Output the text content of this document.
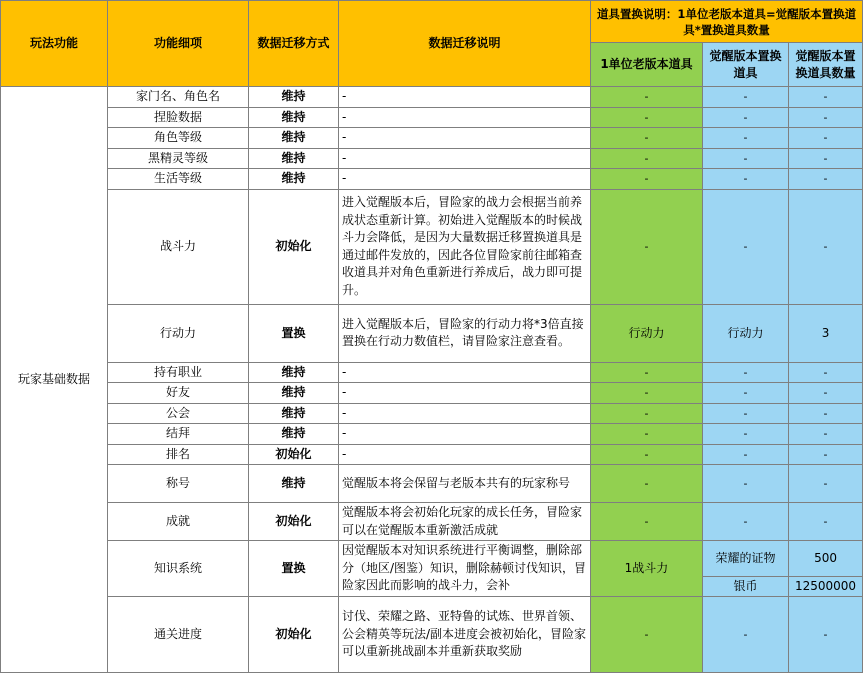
玩法功能	功能细项	数据迁移方式	数据迁移说明	道具置换说明：1单位老版本道具=觉醒版本置换道具*置换道具数量		
				1单位老版本道具	觉醒版本置换道具	觉醒版本置换道具数量
玩家基础数据	家门名、角色名	维持	-	-	-	-
	捏脸数据	维持	-	-	-	-
	角色等级	维持	-	-	-	-
	黑精灵等级	维持	-	-	-	-
	生活等级	维持	-	-	-	-
	战斗力	初始化	进入觉醒版本后，冒险家的战力会根据当前养成状态重新计算。初始进入觉醒版本的时候战斗力会降低，是因为大量数据迁移置换道具是通过邮件发放的，因此各位冒险家前往邮箱查收道具并对角色重新进行养成后，战力即可提升。	-	-	-
	行动力	置换	进入觉醒版本后，冒险家的行动力将*3倍直接置换在行动力数值栏，请冒险家注意查看。	行动力	行动力	3
	持有职业	维持	-	-	-	-
	好友	维持	-	-	-	-
	公会	维持	-	-	-	-
	结拜	维持	-	-	-	-
	排名	初始化	-	-	-	-
	称号	维持	觉醒版本将会保留与老版本共有的玩家称号	-	-	-
	成就	初始化	觉醒版本将会初始化玩家的成长任务，冒险家可以在觉醒版本重新激活成就	-	-	-
	知识系统	置换	因觉醒版本对知识系统进行平衡调整，删除部分（地区/图鉴）知识，删除赫顿讨伐知识，冒险家因此而影响的战斗力，会补	1战斗力	荣耀的证物	500
					银币	12500000
	通关进度	初始化	讨伐、荣耀之路、亚特鲁的试炼、世界首领、公会精英等玩法/副本进度会被初始化，冒险家可以重新挑战副本并重新获取奖励	-	-	-
